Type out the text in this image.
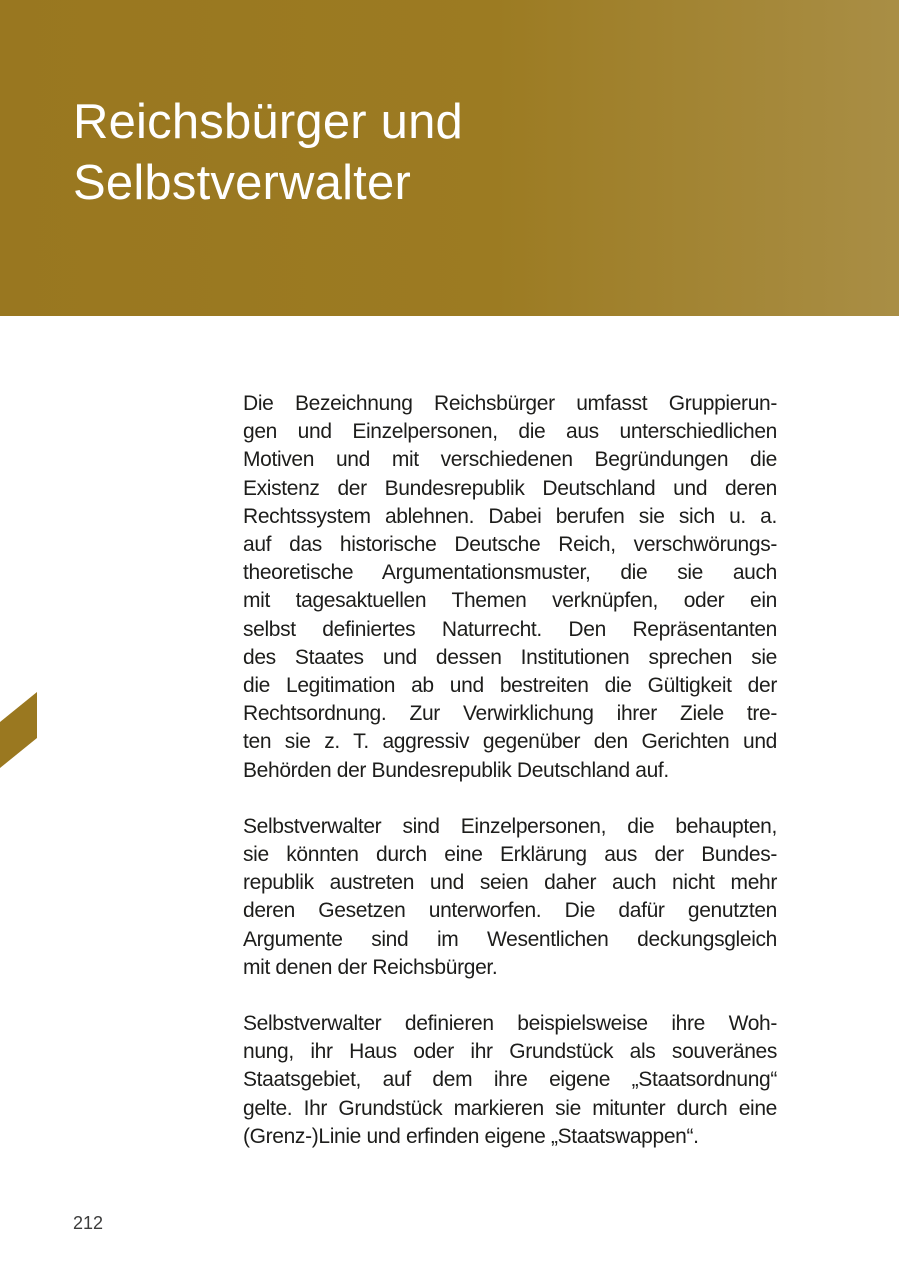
Reichsbürger und
Selbstverwalter

Die Bezeichnung Reichsbürger umfasst Gruppierun-
gen und Einzelpersonen, die aus unterschiedlichen
Motiven und mit verschiedenen Begründungen die
Existenz der Bundesrepublik Deutschland und deren
Rechtssystem ablehnen. Dabei berufen sie sich u. a.
auf das historische Deutsche Reich, verschwörungs-
theoretische Argumentationsmuster, die sie auch
mit tagesaktuellen Themen verknüpfen, oder ein
selbst definiertes Naturrecht. Den Repräsentanten
des Staates und dessen Institutionen sprechen sie
die Legitimation ab und bestreiten die Gültigkeit der
Rechtsordnung. Zur Verwirklichung ihrer Ziele tre-
ten sie z. T. aggressiv gegenüber den Gerichten und
Behörden der Bundesrepublik Deutschland auf.

Selbstverwalter sind Einzelpersonen, die behaupten,
sie könnten durch eine Erklärung aus der Bundes-
republik austreten und seien daher auch nicht mehr
deren Gesetzen unterworfen. Die dafür genutzten
Argumente sind im Wesentlichen deckungsgleich
mit denen der Reichsbürger.

Selbstverwalter definieren beispielsweise ihre Woh-
nung, ihr Haus oder ihr Grundstück als souveränes
Staatsgebiet, auf dem ihre eigene „Staatsordnung“
gelte. Ihr Grundstück markieren sie mitunter durch eine
(Grenz-)Linie und erfinden eigene „Staatswappen“.

212
